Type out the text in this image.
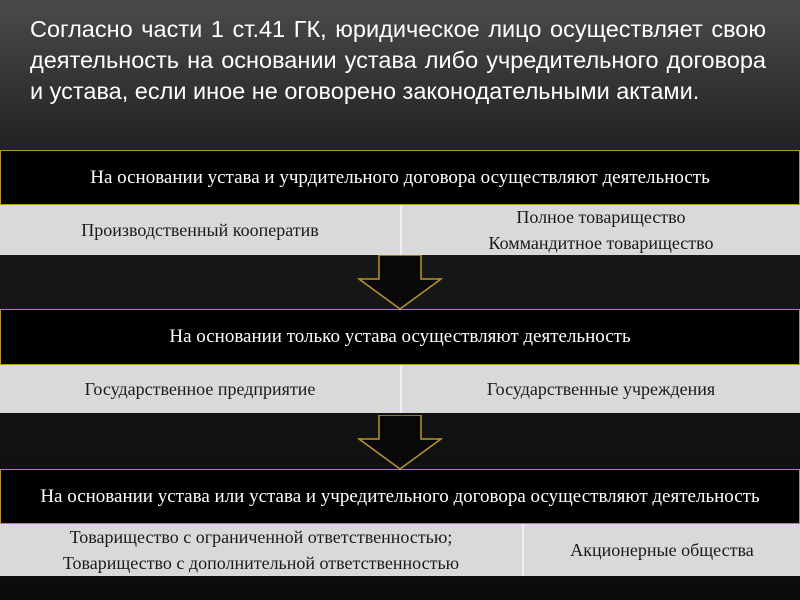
Согласно части 1 ст.41 ГК, юридическое лицо осуществляет свою деятельность на основании устава либо учредительного договора и устава, если иное не оговорено законодательными актами.
На основании устава и учрдительного договора осуществляют деятельность
Производственный кооператив
Полное товарищество
Коммандитное товарищество
На основании только устава осуществляют деятельность
Государственное предприятие	Государственные учреждения
На основании устава или устава и учредительного договора осуществляют деятельность
Товарищество с ограниченной ответственностью;
Товарищество с дополнительной ответственностью
Акционерные общества
